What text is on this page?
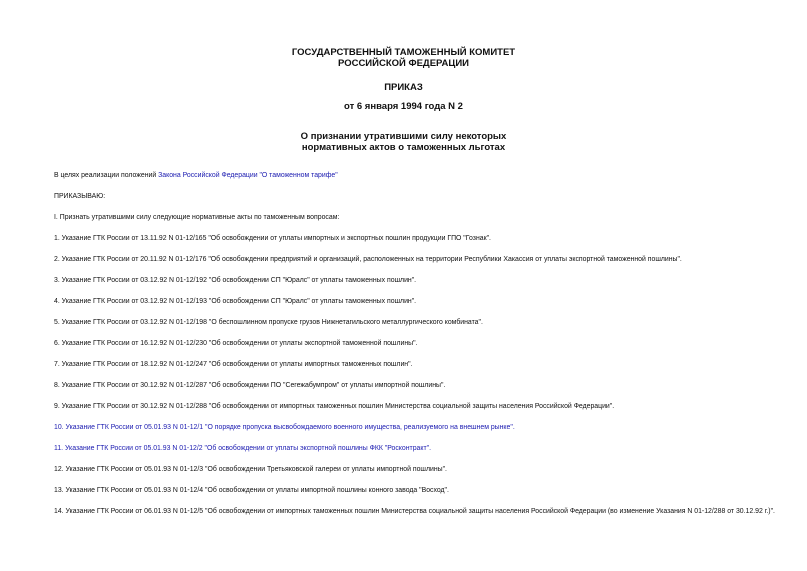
ГОСУДАРСТВЕННЫЙ ТАМОЖЕННЫЙ КОМИТЕТ
РОССИЙСКОЙ ФЕДЕРАЦИИ
ПРИКАЗ
от 6 января 1994 года N 2
О признании утратившими силу некоторых
нормативных актов о таможенных льготах

В целях реализации положений Закона Российской Федерации "О таможенном тарифе"

ПРИКАЗЫВАЮ:

I. Признать утратившими силу следующие нормативные акты по таможенным вопросам:

1. Указание ГТК России от 13.11.92 N 01-12/165 "Об освобождении от уплаты импортных и экспортных пошлин продукции ГПО "Гознак".

2. Указание ГТК России от 20.11.92 N 01-12/176 "Об освобождении предприятий и организаций, расположенных на территории Республики Хакассия от уплаты экспортной таможенной пошлины".

3. Указание ГТК России от 03.12.92 N 01-12/192 "Об освобождении СП "Юралс" от уплаты таможенных пошлин".

4. Указание ГТК России от 03.12.92 N 01-12/193 "Об освобождении СП "Юралс" от уплаты таможенных пошлин".

5. Указание ГТК России от 03.12.92 N 01-12/198 "О беспошлинном пропуске грузов Нижнетагильского металлургического комбината".

6. Указание ГТК России от 16.12.92 N 01-12/230 "Об освобождении от уплаты экспортной таможенной пошлины".

7. Указание ГТК России от 18.12.92 N 01-12/247 "Об освобождении от уплаты импортных таможенных пошлин".

8. Указание ГТК России от 30.12.92 N 01-12/287 "Об освобождении ПО "Сегежабумпром" от уплаты импортной пошлины".

9. Указание ГТК России от 30.12.92 N 01-12/288 "Об освобождении от импортных таможенных пошлин Министерства социальной защиты населения Российской Федерации".

10. Указание ГТК России от 05.01.93 N 01-12/1 "О порядке пропуска высвобождаемого военного имущества, реализуемого на внешнем рынке".

11. Указание ГТК России от 05.01.93 N 01-12/2 "Об освобождении от уплаты экспортной пошлины ФКК "Росконтракт".

12. Указание ГТК России от 05.01.93 N 01-12/3 "Об освобождении Третьяковской галереи от уплаты импортной пошлины".

13. Указание ГТК России от 05.01.93 N 01-12/4 "Об освобождении от уплаты импортной пошлины конного завода "Восход".

14. Указание ГТК России от 06.01.93 N 01-12/5 "Об освобождении от импортных таможенных пошлин Министерства социальной защиты населения Российской Федерации (во изменение Указания N 01-12/288 от 30.12.92 г.)".
